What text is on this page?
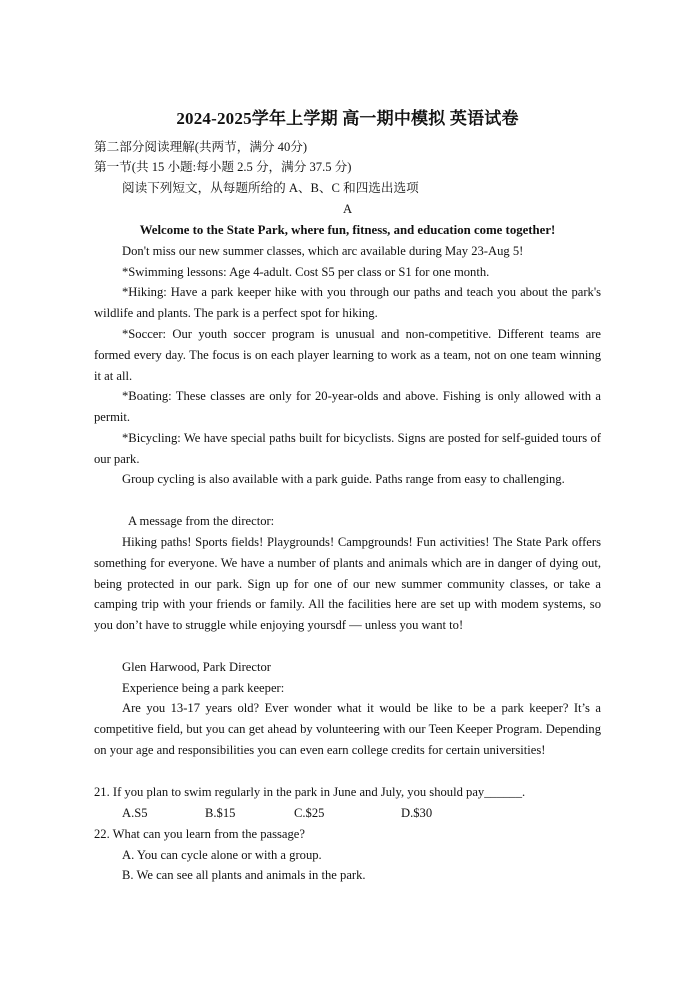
2024-2025学年上学期 高一期中模拟 英语试卷
第二部分阅读理解(共两节，满分 40分)
第一节(共 15 小题:每小题 2.5 分，满分 37.5 分)
阅读下列短文，从每题所给的 A、B、C 和四选出选项
A
Welcome to the State Park, where fun, fitness, and education come together!
Don't miss our new summer classes, which arc available during May 23-Aug 5!
*Swimming lessons: Age 4-adult. Cost S5 per class or S1 for one month.
*Hiking: Have a park keeper hike with you through our paths and teach you about the park's wildlife and plants. The park is a perfect spot for hiking.
*Soccer: Our youth soccer program is unusual and non-competitive. Different teams are formed every day. The focus is on each player learning to work as a team, not on one team winning it at all.
*Boating: These classes are only for 20-year-olds and above. Fishing is only allowed with a permit.
*Bicycling: We have special paths built for bicyclists. Signs are posted for self-guided tours of our park.
Group cycling is also available with a park guide. Paths range from easy to challenging.
A message from the director:
Hiking paths! Sports fields! Playgrounds! Campgrounds! Fun activities! The State Park offers something for everyone. We have a number of plants and animals which are in danger of dying out, being protected in our park. Sign up for one of our new summer community classes, or take a camping trip with your friends or family. All the facilities here are set up with modem systems, so you don’t have to struggle while enjoying yoursdf ― unless you want to!
Glen Harwood, Park Director
Experience being a park keeper:
Are you 13-17 years old? Ever wonder what it would be like to be a park keeper? It’s a competitive field, but you can get ahead by volunteering with our Teen Keeper Program. Depending on your age and responsibilities you can even earn college credits for certain universities!
21. If you plan to swim regularly in the park in June and July, you should pay______.
A.S5	B.$15	C.$25	D.$30
22. What can you learn from the passage?
A. You can cycle alone or with a group.
B. We can see all plants and animals in the park.
